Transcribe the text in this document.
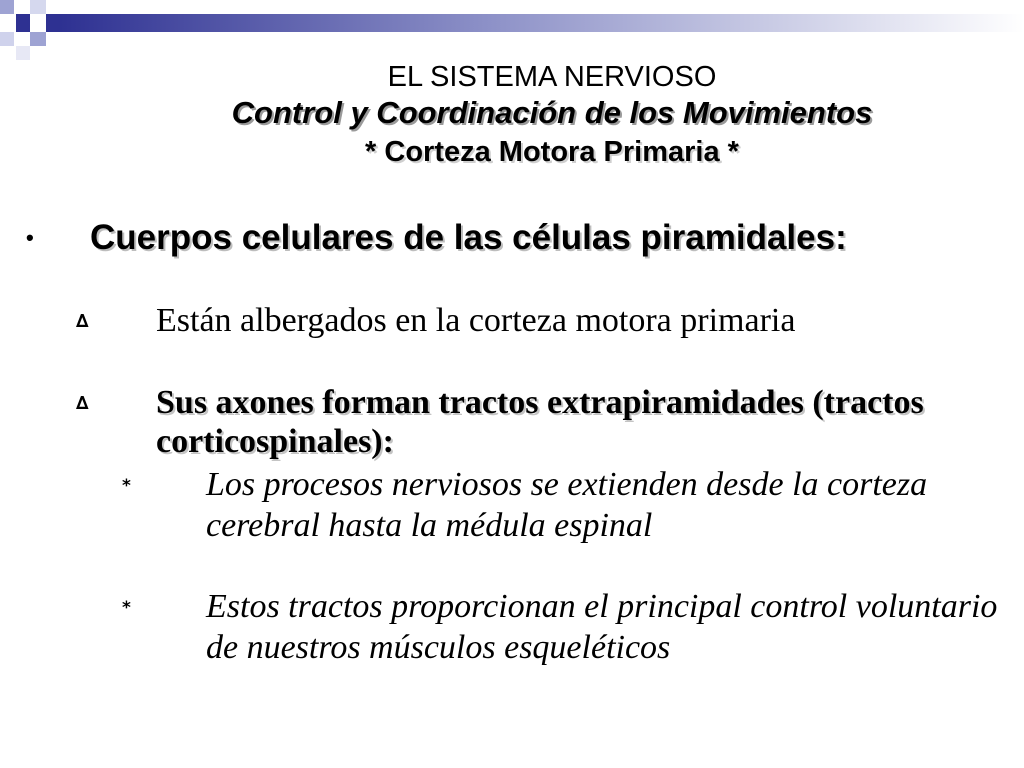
EL SISTEMA NERVIOSO
Control y Coordinación de los Movimientos
* Corteza Motora Primaria *
• Cuerpos celulares de las células piramidales:
∆ Están albergados en la corteza motora primaria
∆ Sus axones forman tractos extrapiramidades (tractos corticospinales):
* Los procesos nerviosos se extienden desde la corteza cerebral hasta la médula espinal
* Estos tractos proporcionan el principal control voluntario de nuestros músculos esqueléticos
